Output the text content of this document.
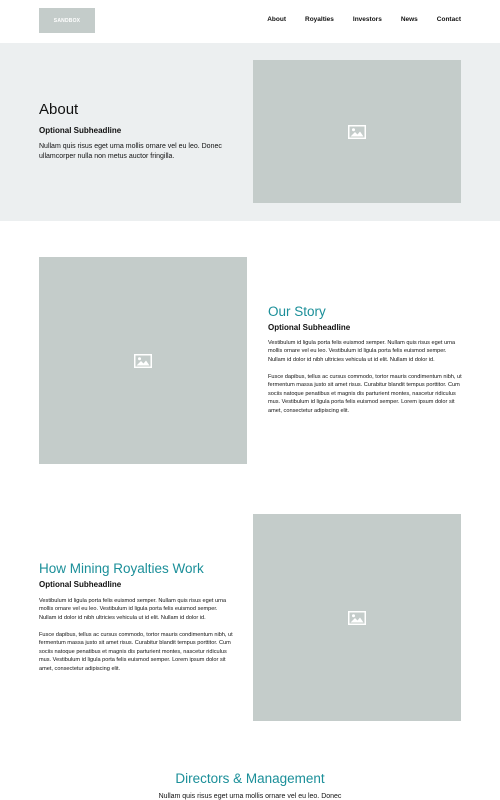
SANDBOX	About	Royalties	Investors	News	Contact
About
Optional Subheadline

Nullam quis risus eget urna mollis ornare vel eu leo. Donec ullamcorper nulla non metus auctor fringilla.

Our Story
Optional Subheadline

Vestibulum id ligula porta felis euismod semper. Nullam quis risus eget urna mollis ornare vel eu leo. Vestibulum id ligula porta felis euismod semper. Nullam id dolor id nibh ultricies vehicula ut id elit. Nullam id dolor id.

Fusce dapibus, tellus ac cursus commodo, tortor mauris condimentum nibh, ut fermentum massa justo sit amet risus. Curabitur blandit tempus porttitor. Cum sociis natoque penatibus et magnis dis parturient montes, nascetur ridiculus mus. Vestibulum id ligula porta felis euismod semper. Lorem ipsum dolor sit amet, consectetur adipiscing elit.

How Mining Royalties Work
Optional Subheadline

Vestibulum id ligula porta felis euismod semper. Nullam quis risus eget urna mollis ornare vel eu leo. Vestibulum id ligula porta felis euismod semper. Nullam id dolor id nibh ultricies vehicula ut id elit. Nullam id dolor id.

Fusce dapibus, tellus ac cursus commodo, tortor mauris condimentum nibh, ut fermentum massa justo sit amet risus. Curabitur blandit tempus porttitor. Cum sociis natoque penatibus et magnis dis parturient montes, nascetur ridiculus mus. Vestibulum id ligula porta felis euismod semper. Lorem ipsum dolor sit amet, consectetur adipiscing elit.

Directors & Management

Nullam quis risus eget urna mollis ornare vel eu leo. Donec
